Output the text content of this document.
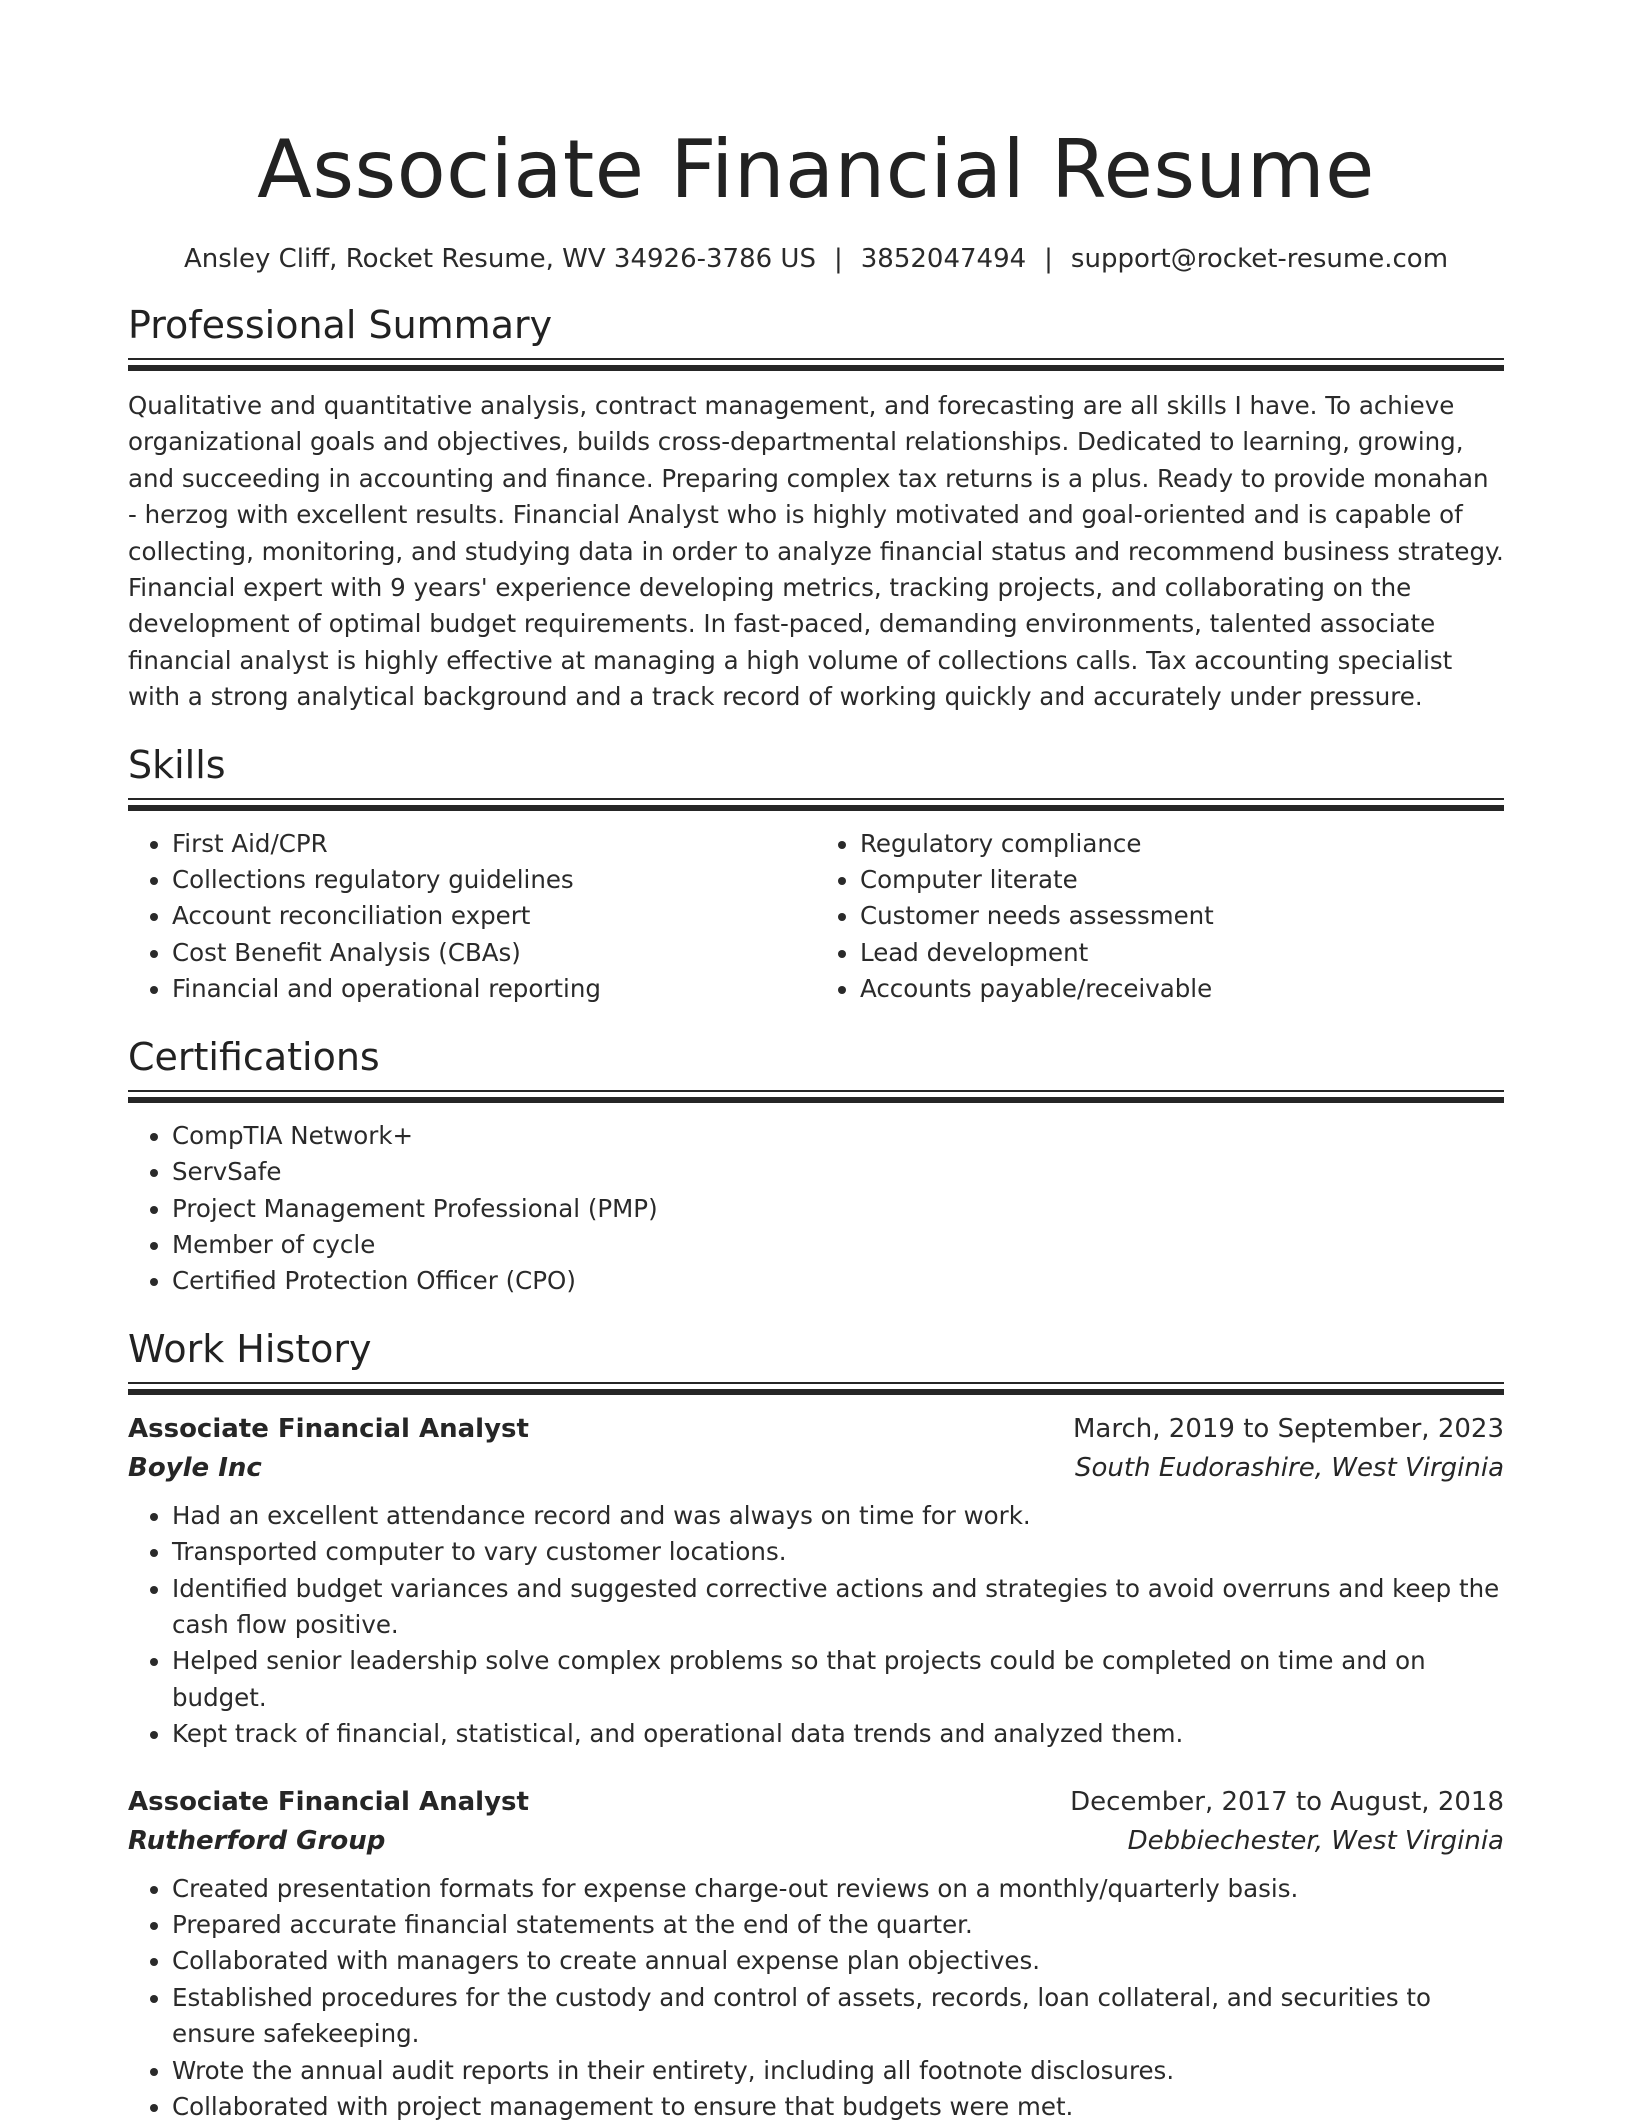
Associate Financial Resume
Ansley Cliff, Rocket Resume, WV 34926-3786 US | 3852047494 | support@rocket-resume.com
Professional Summary

Qualitative and quantitative analysis, contract management, and forecasting are all skills I have. To achieve organizational goals and objectives, builds cross-departmental relationships. Dedicated to learning, growing, and succeeding in accounting and finance. Preparing complex tax returns is a plus. Ready to provide monahan - herzog with excellent results. Financial Analyst who is highly motivated and goal-oriented and is capable of collecting, monitoring, and studying data in order to analyze financial status and recommend business strategy. Financial expert with 9 years' experience developing metrics, tracking projects, and collaborating on the development of optimal budget requirements. In fast-paced, demanding environments, talented associate financial analyst is highly effective at managing a high volume of collections calls. Tax accounting specialist with a strong analytical background and a track record of working quickly and accurately under pressure.

Skills
• First Aid/CPR
• Collections regulatory guidelines
• Account reconciliation expert
• Cost Benefit Analysis (CBAs)
• Financial and operational reporting
• Regulatory compliance
• Computer literate
• Customer needs assessment
• Lead development
• Accounts payable/receivable
Certifications
• CompTIA Network+
• ServSafe
• Project Management Professional (PMP)
• Member of cycle
• Certified Protection Officer (CPO)
Work History
Associate Financial Analyst	March, 2019 to September, 2023
Boyle Inc	South Eudorashire, West Virginia
• Had an excellent attendance record and was always on time for work.
• Transported computer to vary customer locations.
• Identified budget variances and suggested corrective actions and strategies to avoid overruns and keep the cash flow positive.
• Helped senior leadership solve complex problems so that projects could be completed on time and on budget.
• Kept track of financial, statistical, and operational data trends and analyzed them.
Associate Financial Analyst	December, 2017 to August, 2018
Rutherford Group	Debbiechester, West Virginia
• Created presentation formats for expense charge-out reviews on a monthly/quarterly basis.
• Prepared accurate financial statements at the end of the quarter.
• Collaborated with managers to create annual expense plan objectives.
• Established procedures for the custody and control of assets, records, loan collateral, and securities to ensure safekeeping.
• Wrote the annual audit reports in their entirety, including all footnote disclosures.
• Collaborated with project management to ensure that budgets were met.
